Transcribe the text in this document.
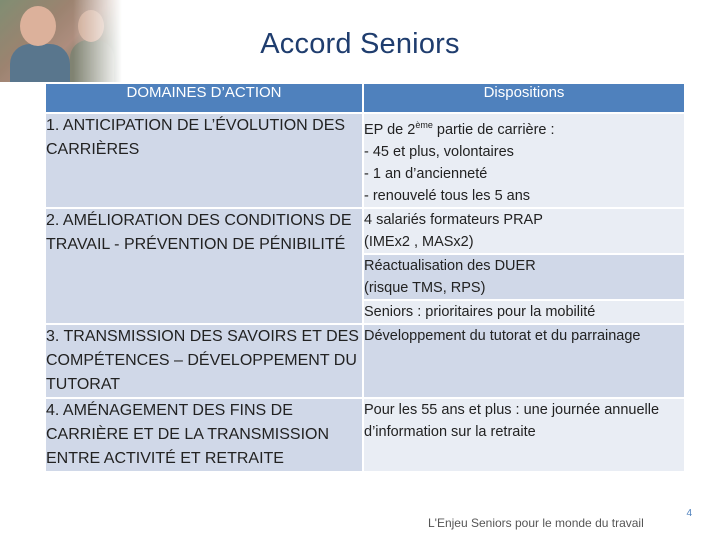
Accord Seniors
DOMAINES D’ACTION	Dispositions
1. ANTICIPATION DE L’ÉVOLUTION DES CARRIÈRES	EP de 2ème partie de carrière :
- 45 et plus, volontaires
- 1 an d’ancienneté
- renouvelé tous les 5 ans

2. AMÉLIORATION DES CONDITIONS DE TRAVAIL - PRÉVENTION DE PÉNIBILITÉ	4 salariés formateurs PRAP
(IMEx2 , MASx2)

	Réactualisation des DUER
(risque TMS, RPS)

	Seniors : prioritaires pour la mobilité

3. TRANSMISSION DES SAVOIRS ET DES COMPÉTENCES – DÉVELOPPEMENT DU TUTORAT	Développement du tutorat et du parrainage

4. AMÉNAGEMENT DES FINS DE CARRIÈRE ET DE LA TRANSMISSION ENTRE ACTIVITÉ ET RETRAITE	Pour les 55 ans et plus : une journée annuelle d’information sur la retraite
L'Enjeu Seniors pour le monde du travail
4
